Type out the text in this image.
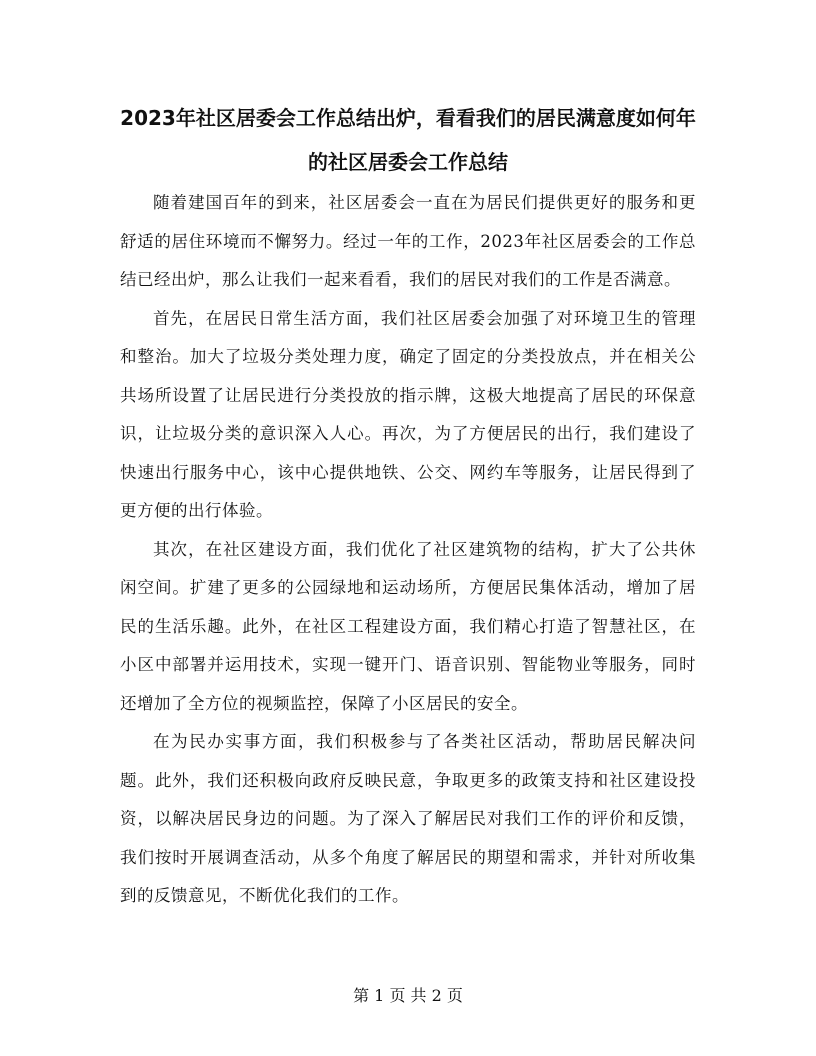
2023年社区居委会工作总结出炉，看看我们的居民满意度如何年的社区居委会工作总结

随着建国百年的到来，社区居委会一直在为居民们提供更好的服务和更舒适的居住环境而不懈努力。经过一年的工作，2023年社区居委会的工作总结已经出炉，那么让我们一起来看看，我们的居民对我们的工作是否满意。

首先，在居民日常生活方面，我们社区居委会加强了对环境卫生的管理和整治。加大了垃圾分类处理力度，确定了固定的分类投放点，并在相关公共场所设置了让居民进行分类投放的指示牌，这极大地提高了居民的环保意识，让垃圾分类的意识深入人心。再次，为了方便居民的出行，我们建设了快速出行服务中心，该中心提供地铁、公交、网约车等服务，让居民得到了更方便的出行体验。

其次，在社区建设方面，我们优化了社区建筑物的结构，扩大了公共休闲空间。扩建了更多的公园绿地和运动场所，方便居民集体活动，增加了居民的生活乐趣。此外，在社区工程建设方面，我们精心打造了智慧社区，在小区中部署并运用技术，实现一键开门、语音识别、智能物业等服务，同时还增加了全方位的视频监控，保障了小区居民的安全。

在为民办实事方面，我们积极参与了各类社区活动，帮助居民解决问题。此外，我们还积极向政府反映民意，争取更多的政策支持和社区建设投资，以解决居民身边的问题。为了深入了解居民对我们工作的评价和反馈，我们按时开展调查活动，从多个角度了解居民的期望和需求，并针对所收集到的反馈意见，不断优化我们的工作。

第 1 页 共 2 页
